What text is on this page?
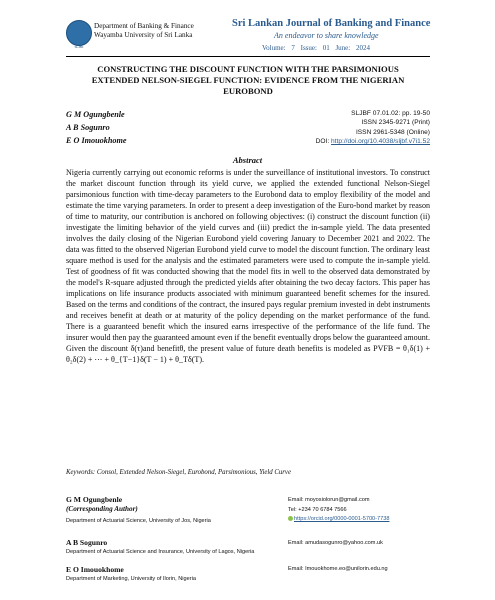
SLJBF
Department of Banking & Finance
Wayamba University of Sri Lanka
Sri Lankan Journal of Banking and Finance
An endeavor to share knowledge
Volume: 7 Issue: 01 June: 2024
CONSTRUCTING THE DISCOUNT FUNCTION WITH THE PARSIMONIOUS
EXTENDED NELSON-SIEGEL FUNCTION: EVIDENCE FROM THE NIGERIAN
EUROBOND
G M Ogungbenle
A B Sogunro
E O Imouokhome
SLJBF 07.01.02: pp. 19-50
ISSN 2345-9271 (Print)
ISSN 2961-5348 (Online)
DOI: http://doi.org/10.4038/sljbf.v7i1.52
Abstract
Nigeria currently carrying out economic reforms is under the surveillance of institutional investors. To construct the market discount function through its yield curve, we applied the extended functional Nelson-Siegel parsimonious function with time-decay parameters to the Eurobond data to employ flexibility of the model and estimate the time varying parameters. In order to present a deep investigation of the Euro-bond market by reason of time to maturity, our contribution is anchored on following objectives: (i) construct the discount function (ii) investigate the limiting behavior of the yield curves and (iii) predict the in-sample yield. The data presented involves the daily closing of the Nigerian Eurobond yield covering January to December 2021 and 2022. The data was fitted to the observed Nigerian Eurobond yield curve to model the discount function. The ordinary least square method is used for the analysis and the estimated parameters were used to compute the in-sample yield. Test of goodness of fit was conducted showing that the model fits in well to the observed data demonstrated by the model's R-square adjusted through the predicted yields after obtaining the two decay factors. This paper has implications on life insurance products associated with minimum guaranteed benefit schemes for the insured. Based on the terms and conditions of the contract, the insured pays regular premium invested in debt instruments and receives benefit at death or at maturity of the policy depending on the market performance of the fund. There is a guaranteed benefit which the insured earns irrespective of the performance of the life fund. The insurer would then pay the guaranteed amount even if the benefit eventually drops below the guaranteed amount. Given the discount δ(τ)and benefitθ, the present value of future death benefits is modeled as PVFB = θ₁δ(1) + θ₂δ(2) + ⋯ + θ_{T−1}δ(T − 1) + θ_Tδ(T).
Keywords: Consol, Extended Nelson-Siegel, Eurobond, Parsimonious, Yield Curve
G M Ogungbenle
(Corresponding Author)
Department of Actuarial Science, University of Jos, Nigeria
Email: moyosiolorun@gmail.com
Tel: +234 70 6784 7566
https://orcid.org/0000-0001-5700-7738
A B Sogunro
Department of Actuarial Science and Insurance, University of Lagos, Nigeria
Email: amudasogunro@yahoo.com.uk
E O Imouokhome
Department of Marketing, University of Ilorin, Nigeria
Email: Imouokhome.eo@unilorin.edu.ng
